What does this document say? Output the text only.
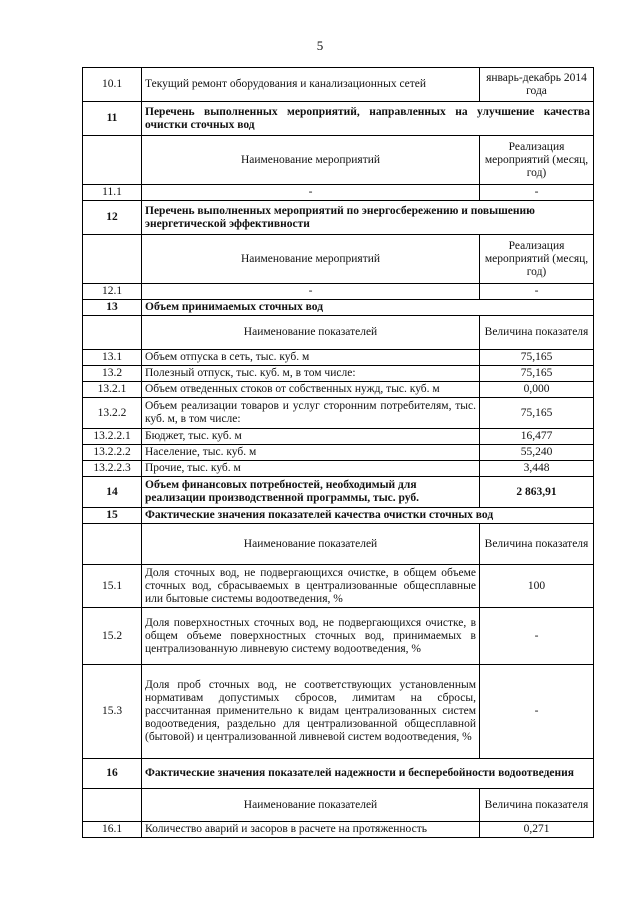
5
10.1	Текущий ремонт оборудования и канализационных сетей	январь-декабрь 2014 года
11	Перечень выполненных мероприятий, направленных на улучшение качества очистки сточных вод	
	Наименование мероприятий	Реализация мероприятий (месяц, год)
11.1	-	-
12	Перечень выполненных мероприятий по энергосбережению и повышению энергетической эффективности	
	Наименование мероприятий	Реализация мероприятий (месяц, год)
12.1	-	-
13	Объем принимаемых сточных вод	
	Наименование показателей	Величина показателя
13.1	Объем отпуска в сеть, тыс. куб. м	75,165
13.2	Полезный отпуск, тыс. куб. м, в том числе:	75,165
13.2.1	Объем отведенных стоков от собственных нужд, тыс. куб. м	0,000
13.2.2	Объем реализации товаров и услуг сторонним потребителям, тыс. куб. м, в том числе:	75,165
13.2.2.1	Бюджет, тыс. куб. м	16,477
13.2.2.2	Население, тыс. куб. м	55,240
13.2.2.3	Прочие, тыс. куб. м	3,448
14	Объем финансовых потребностей, необходимый для реализации производственной программы, тыс. руб.	2 863,91
15	Фактические значения показателей качества очистки сточных вод	
	Наименование показателей	Величина показателя
15.1	Доля сточных вод, не подвергающихся очистке, в общем объеме сточных вод, сбрасываемых в централизованные общесплавные или бытовые системы водоотведения, %	100
15.2	Доля поверхностных сточных вод, не подвергающихся очистке, в общем объеме поверхностных сточных вод, принимаемых в централизованную ливневую систему водоотведения, %	-
15.3	Доля проб сточных вод, не соответствующих установленным нормативам допустимых сбросов, лимитам на сбросы, рассчитанная применительно к видам централизованных систем водоотведения, раздельно для централизованной общесплавной (бытовой) и централизованной ливневой систем водоотведения, %	-
16	Фактические значения показателей надежности и бесперебойности водоотведения	
	Наименование показателей	Величина показателя
16.1	Количество аварий и засоров в расчете на протяженность	0,271
